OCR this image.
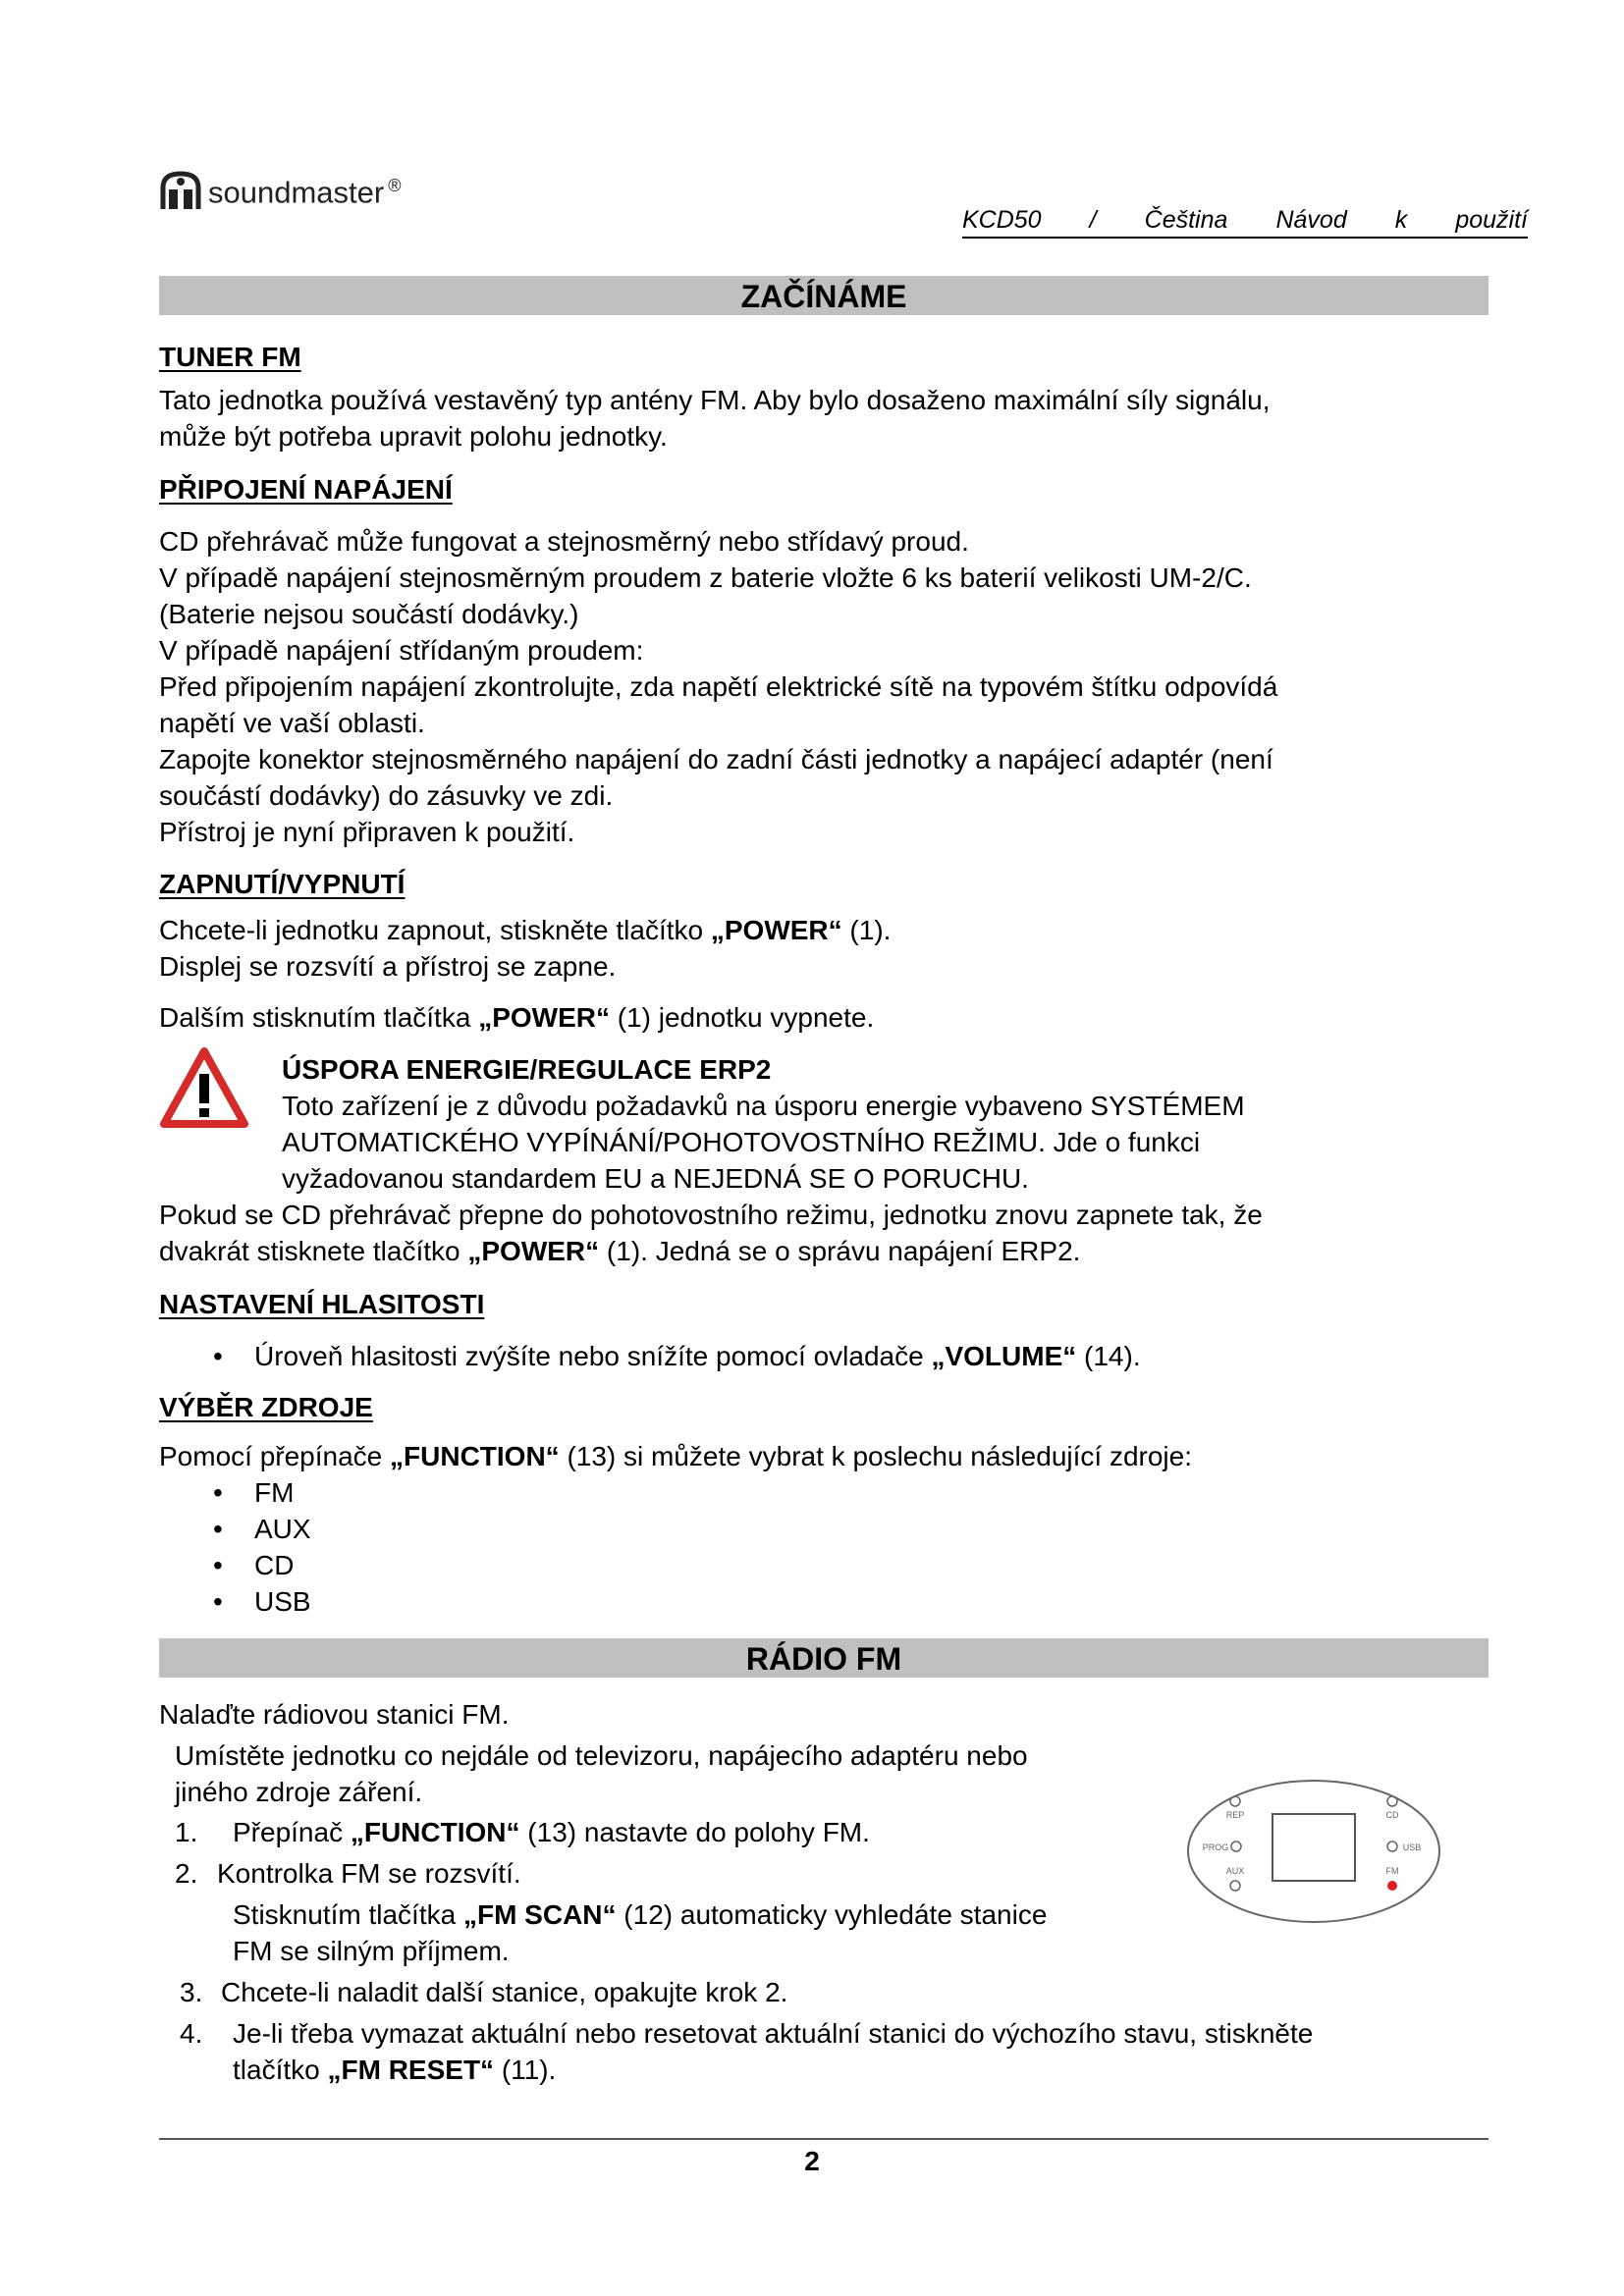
soundmaster ®
KCD50 / Čeština Návod k použití
ZAČÍNÁME
TUNER FM
Tato jednotka používá vestavěný typ antény FM. Aby bylo dosaženo maximální síly signálu,
může být potřeba upravit polohu jednotky.
PŘIPOJENÍ NAPÁJENÍ
CD přehrávač může fungovat a stejnosměrný nebo střídavý proud.
V případě napájení stejnosměrným proudem z baterie vložte 6 ks baterií velikosti UM-2/C.
(Baterie nejsou součástí dodávky.)
V případě napájení střídaným proudem:
Před připojením napájení zkontrolujte, zda napětí elektrické sítě na typovém štítku odpovídá
napětí ve vaší oblasti.
Zapojte konektor stejnosměrného napájení do zadní části jednotky a napájecí adaptér (není
součástí dodávky) do zásuvky ve zdi.
Přístroj je nyní připraven k použití.
ZAPNUTÍ/VYPNUTÍ
Chcete-li jednotku zapnout, stiskněte tlačítko „POWER“ (1).
Displej se rozsvítí a přístroj se zapne.
Dalším stisknutím tlačítka „POWER“ (1) jednotku vypnete.
ÚSPORA ENERGIE/REGULACE ERP2
Toto zařízení je z důvodu požadavků na úsporu energie vybaveno SYSTÉMEM
AUTOMATICKÉHO VYPÍNÁNÍ/POHOTOVOSTNÍHO REŽIMU. Jde o funkci
vyžadovanou standardem EU a NEJEDNÁ SE O PORUCHU.
Pokud se CD přehrávač přepne do pohotovostního režimu, jednotku znovu zapnete tak, že
dvakrát stisknete tlačítko „POWER“ (1). Jedná se o správu napájení ERP2.
NASTAVENÍ HLASITOSTI
• Úroveň hlasitosti zvýšíte nebo snížíte pomocí ovladače „VOLUME“ (14).
VÝBĚR ZDROJE
Pomocí přepínače „FUNCTION“ (13) si můžete vybrat k poslechu následující zdroje:
• FM
• AUX
• CD
• USB
RÁDIO FM
Nalaďte rádiovou stanici FM.
Umístěte jednotku co nejdále od televizoru, napájecího adaptéru nebo
jiného zdroje záření.
1. Přepínač „FUNCTION“ (13) nastavte do polohy FM.
2. Kontrolka FM se rozsvítí.
Stisknutím tlačítka „FM SCAN“ (12) automaticky vyhledáte stanice
FM se silným příjmem.
3. Chcete-li naladit další stanice, opakujte krok 2.
4. Je-li třeba vymazat aktuální nebo resetovat aktuální stanici do výchozího stavu, stiskněte
tlačítko „FM RESET“ (11).
REP	CD
PROG	USB
AUX	FM
2
